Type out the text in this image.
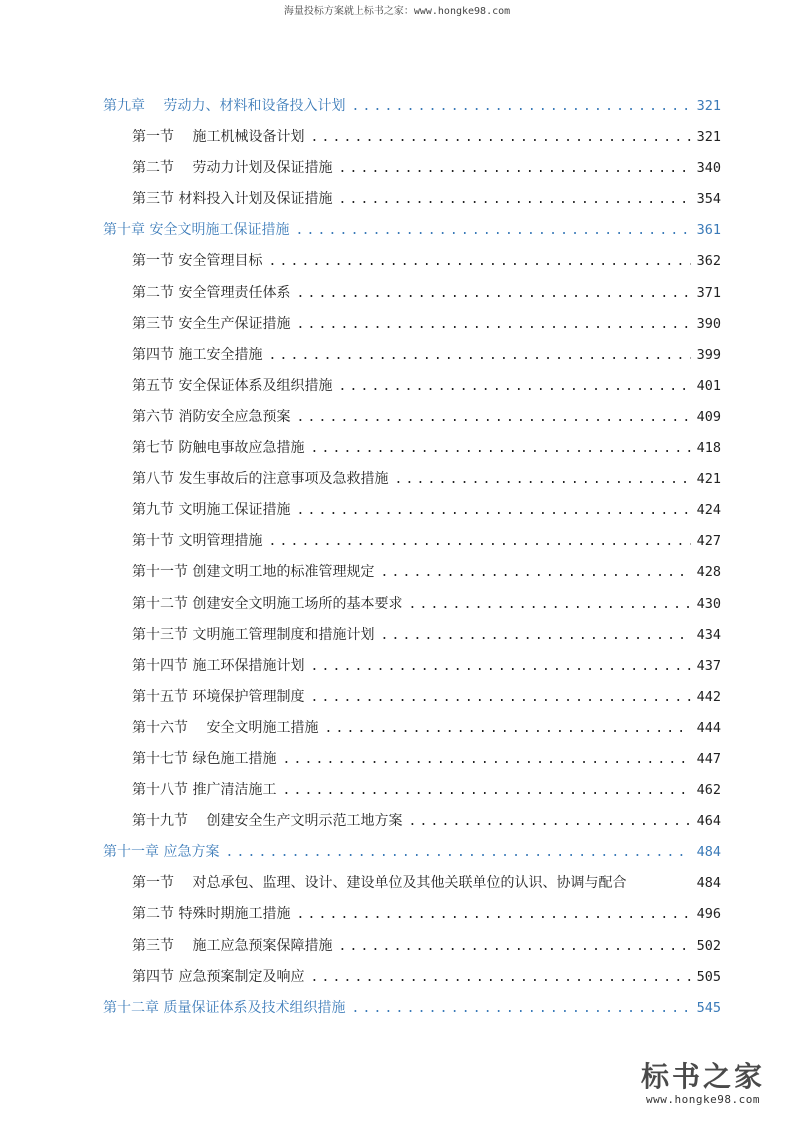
海量投标方案就上标书之家：www.hongke98.com
第九章　 劳动力、材料和设备投入计划 .....	321
第一节　 施工机械设备计划 .....	321
第二节　 劳动力计划及保证措施 .....	340
第三节 材料投入计划及保证措施 .....	354
第十章 安全文明施工保证措施 .....	361
第一节 安全管理目标 .....	362
第二节 安全管理责任体系 .....	371
第三节 安全生产保证措施 .....	390
第四节 施工安全措施 .....	399
第五节 安全保证体系及组织措施 .....	401
第六节 消防安全应急预案 .....	409
第七节 防触电事故应急措施 .....	418
第八节 发生事故后的注意事项及急救措施 .....	421
第九节 文明施工保证措施 .....	424
第十节 文明管理措施 .....	427
第十一节 创建文明工地的标准管理规定 .....	428
第十二节 创建安全文明施工场所的基本要求 .....	430
第十三节 文明施工管理制度和措施计划 .....	434
第十四节 施工环保措施计划 .....	437
第十五节 环境保护管理制度 .....	442
第十六节　 安全文明施工措施 .....	444
第十七节 绿色施工措施 .....	447
第十八节 推广清洁施工 .....	462
第十九节　 创建安全生产文明示范工地方案 .....	464
第十一章 应急方案 .....	484
第一节　 对总承包、监理、设计、建设单位及其他关联单位的认识、协调与配合	484
第二节 特殊时期施工措施 .....	496
第三节　 施工应急预案保障措施 .....	502
第四节 应急预案制定及响应 .....	505
第十二章 质量保证体系及技术组织措施 .....	545
标书之家
www.hongke98.com
